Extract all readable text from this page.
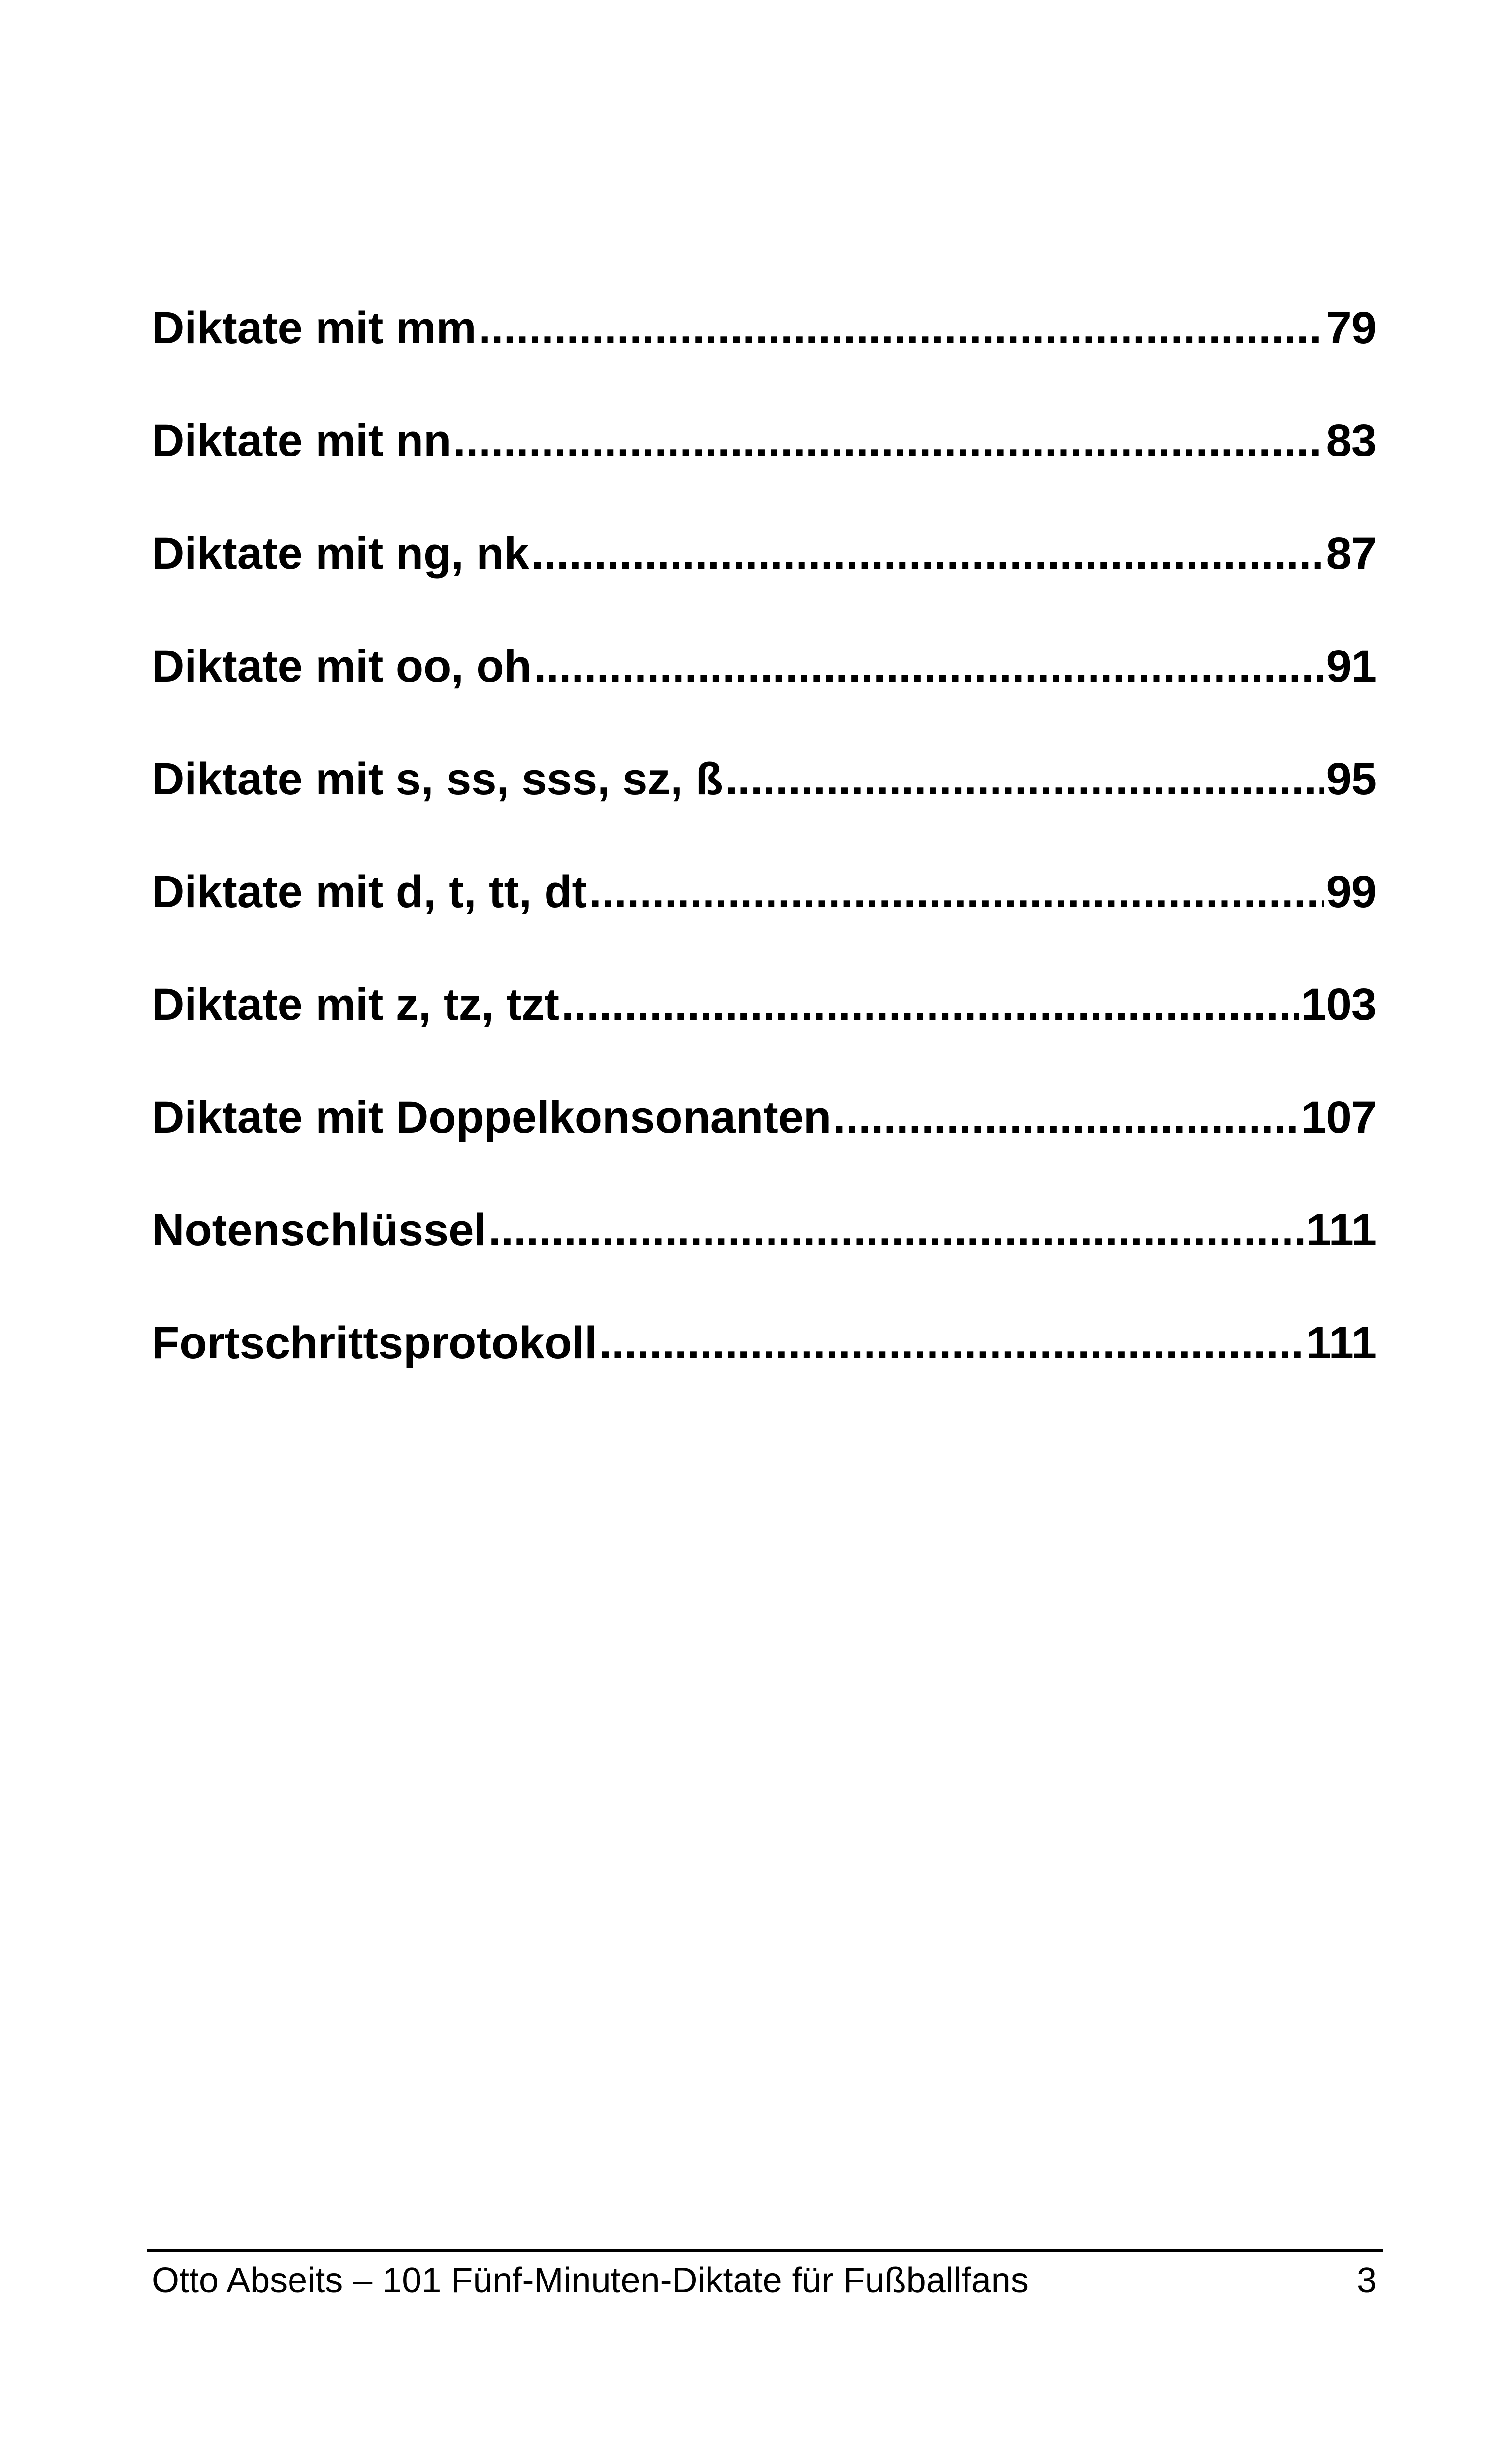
Diktate mit mm .....	79
Diktate mit nn .....	83
Diktate mit ng, nk .....	87
Diktate mit oo, oh .....	91
Diktate mit s, ss, sss, sz, ß .....	95
Diktate mit d, t, tt, dt .....	99
Diktate mit z, tz, tzt .....	103
Diktate mit Doppelkonsonanten .....	107
Notenschlüssel .....	111
Fortschrittsprotokoll .....	111
Otto Abseits – 101 Fünf-Minuten-Diktate für Fußballfans	3
